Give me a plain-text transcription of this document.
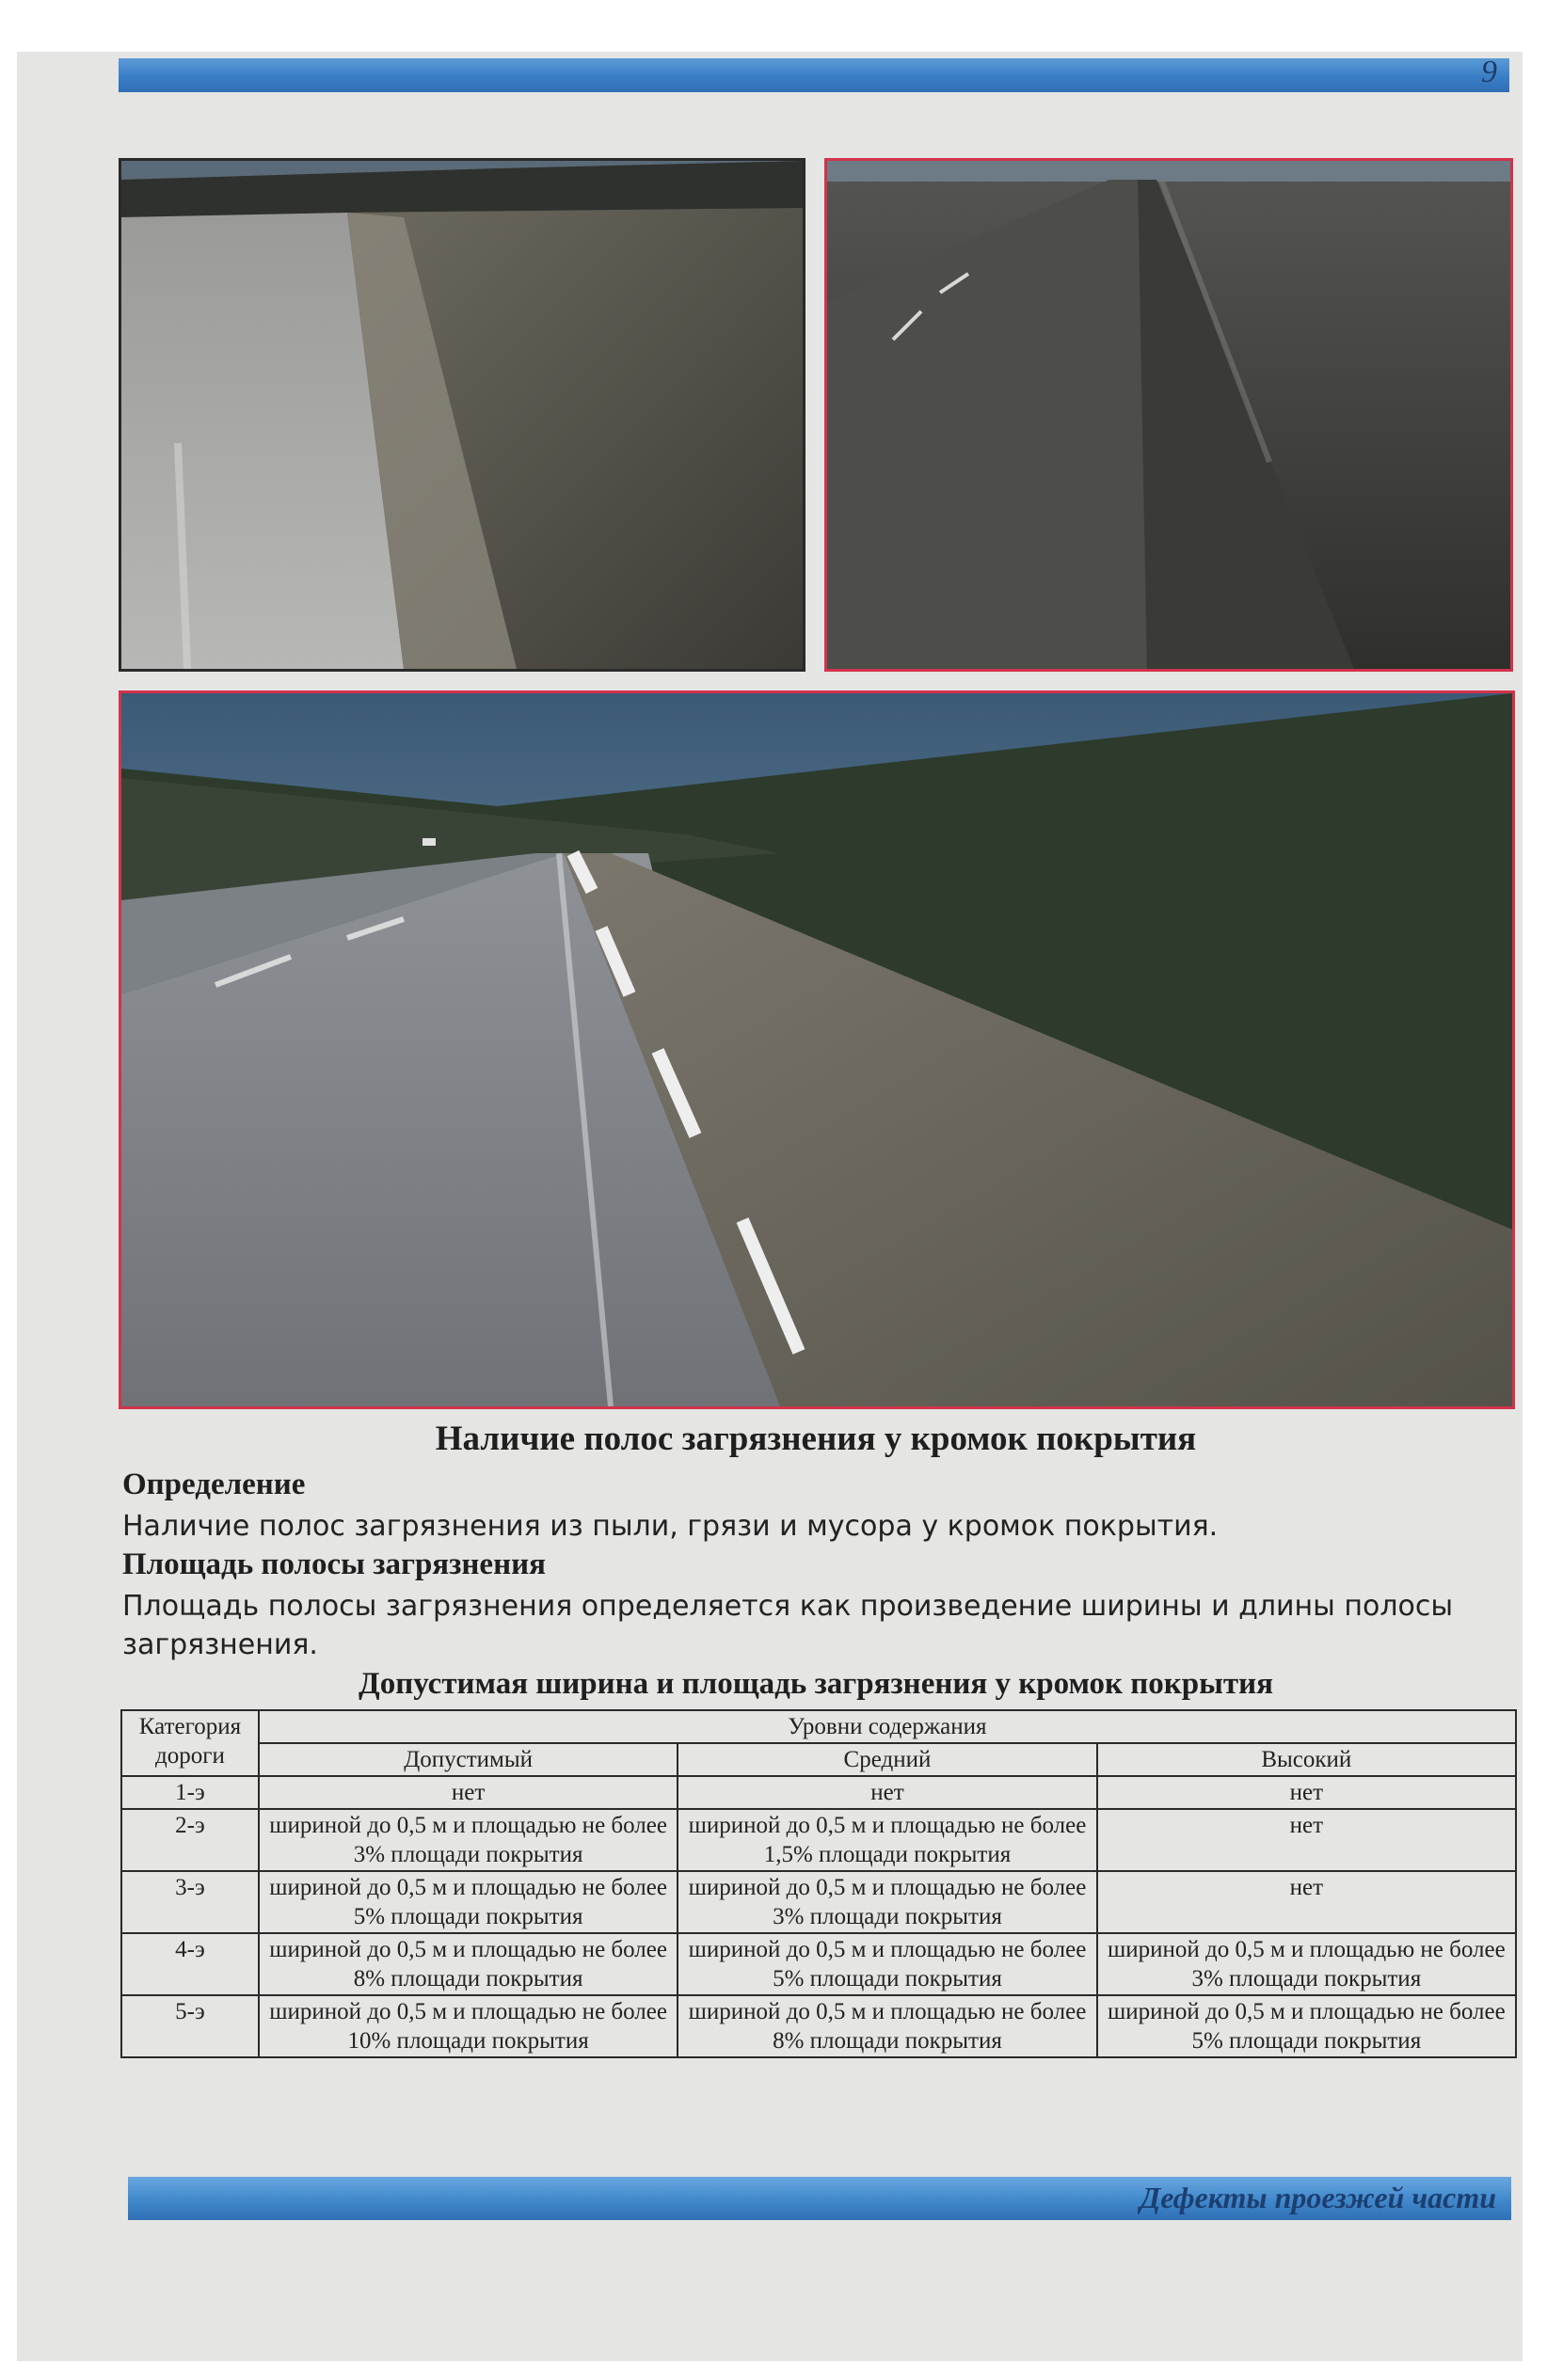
9
Наличие полос загрязнения у кромок покрытия
Определение
Наличие полос загрязнения из пыли, грязи и мусора у кромок покрытия.
Площадь полосы загрязнения
Площадь полосы загрязнения определяется как произведение ширины и длины полосы загрязнения.
Допустимая ширина и площадь загрязнения у кромок покрытия
Категория дороги	Уровни содержания		
	Допустимый	Средний	Высокий
1-э	нет	нет	нет
2-э	шириной до 0,5 м и площадью не более 3% площади покрытия	шириной до 0,5 м и площадью не более 1,5% площади покрытия	нет
3-э	шириной до 0,5 м и площадью не более 5% площади покрытия	шириной до 0,5 м и площадью не более 3% площади покрытия	нет
4-э	шириной до 0,5 м и площадью не более 8% площади покрытия	шириной до 0,5 м и площадью не более 5% площади покрытия	шириной до 0,5 м и площадью не более 3% площади покрытия
5-э	шириной до 0,5 м и площадью не более 10% площади покрытия	шириной до 0,5 м и площадью не более 8% площади покрытия	шириной до 0,5 м и площадью не более 5% площади покрытия
Дефекты проезжей части
